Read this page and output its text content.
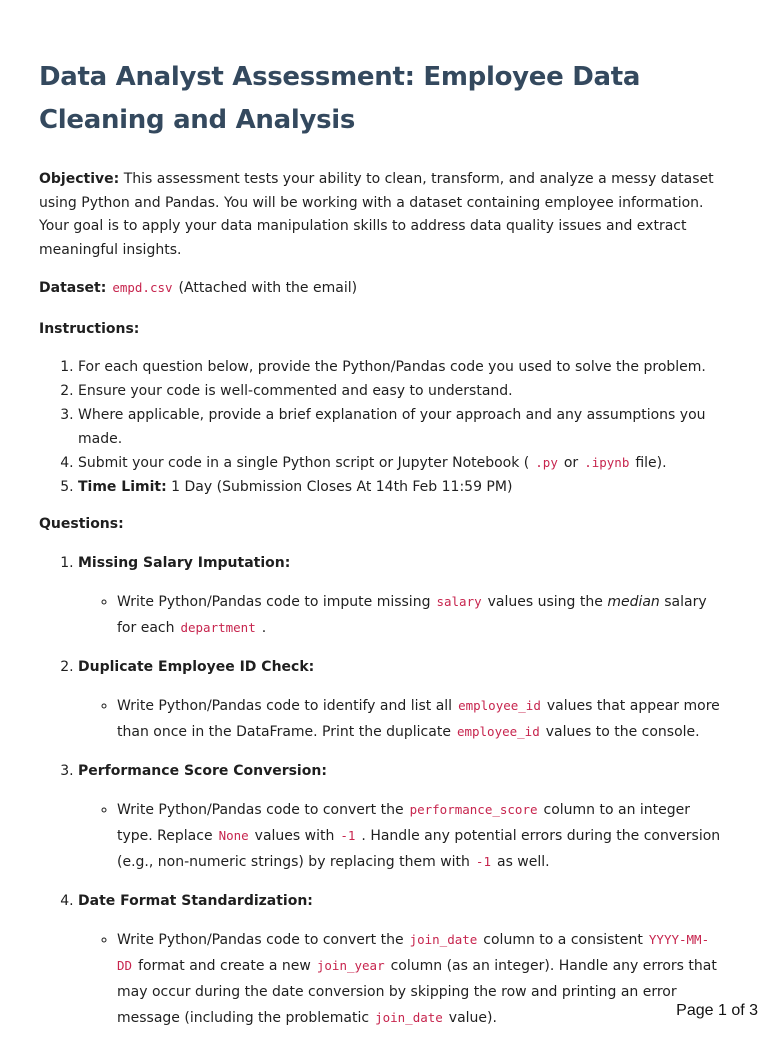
Data Analyst Assessment: Employee Data Cleaning and Analysis

Objective: This assessment tests your ability to clean, transform, and analyze a messy dataset using Python and Pandas. You will be working with a dataset containing employee information. Your goal is to apply your data manipulation skills to address data quality issues and extract meaningful insights.

Dataset: empd.csv (Attached with the email)

Instructions:

1. For each question below, provide the Python/Pandas code you used to solve the problem.
2. Ensure your code is well-commented and easy to understand.
3. Where applicable, provide a brief explanation of your approach and any assumptions you made.
4. Submit your code in a single Python script or Jupyter Notebook ( .py or .ipynb file).
5. Time Limit: 1 Day (Submission Closes At 14th Feb 11:59 PM)

Questions:

1. Missing Salary Imputation:
◦ Write Python/Pandas code to impute missing salary values using the median salary for each department .
2. Duplicate Employee ID Check:
◦ Write Python/Pandas code to identify and list all employee_id values that appear more than once in the DataFrame. Print the duplicate employee_id values to the console.
3. Performance Score Conversion:
◦ Write Python/Pandas code to convert the performance_score column to an integer type. Replace None values with -1 . Handle any potential errors during the conversion (e.g., non-numeric strings) by replacing them with -1 as well.
4. Date Format Standardization:
◦ Write Python/Pandas code to convert the join_date column to a consistent YYYY-MM-DD format and create a new join_year column (as an integer). Handle any errors that may occur during the date conversion by skipping the row and printing an error message (including the problematic join_date value).	Page 1 of 3
